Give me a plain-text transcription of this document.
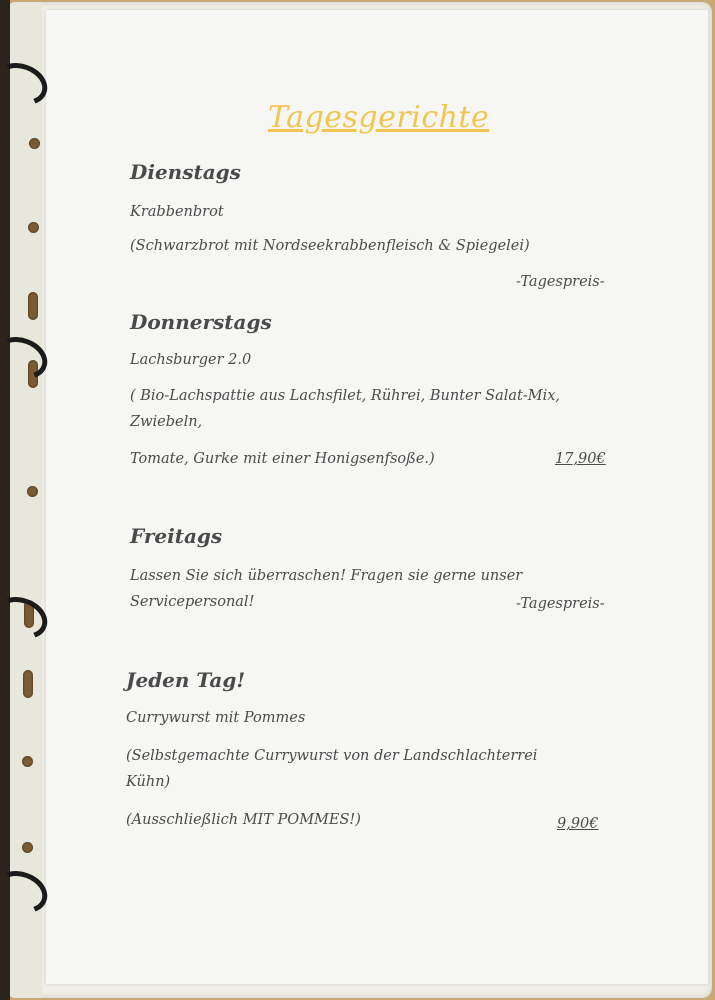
Tagesgerichte
Dienstags
Krabbenbrot
(Schwarzbrot mit Nordseekrabbenfleisch & Spiegelei)
-Tagespreis-
Donnerstags
Lachsburger 2.0
( Bio-Lachspattie aus Lachsfilet, Rührei, Bunter Salat-Mix,
Zwiebeln,
Tomate, Gurke mit einer Honigsenfsoße.)	17,90€
Freitags
Lassen Sie sich überraschen! Fragen sie gerne unser
Servicepersonal!	-Tagespreis-
Jeden Tag!
Currywurst mit Pommes
(Selbstgemachte Currywurst von der Landschlachterrei
Kühn)
(Ausschließlich MIT POMMES!)	9,90€
